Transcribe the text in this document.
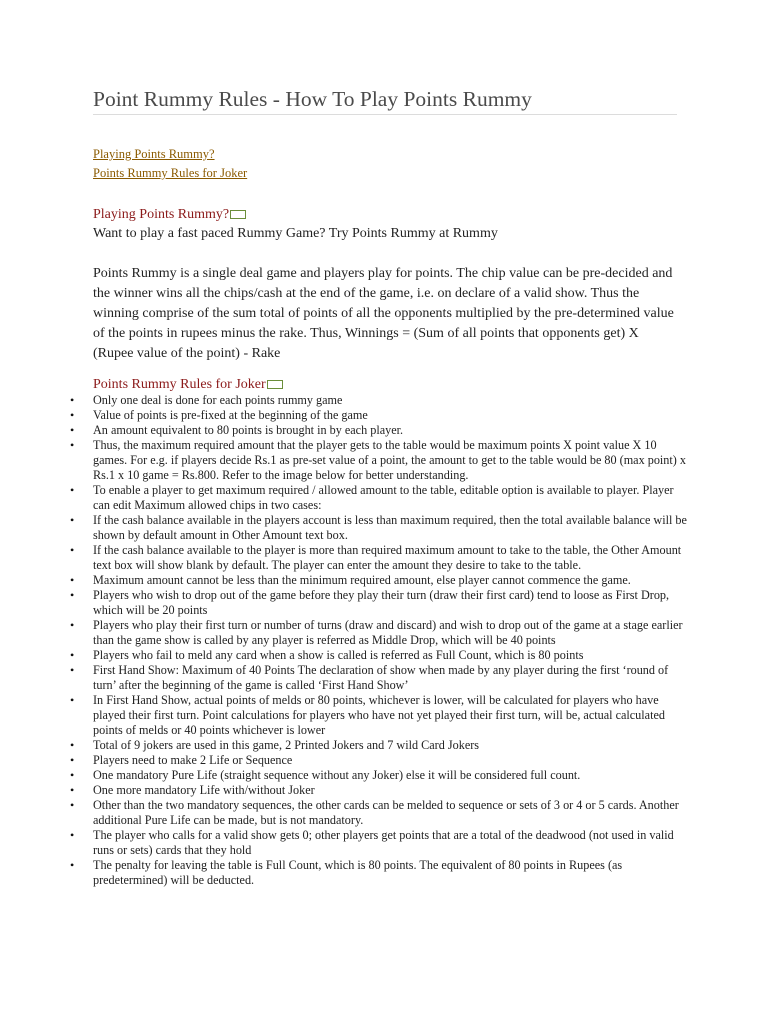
Point Rummy Rules - How To Play Points Rummy
Playing Points Rummy?
Points Rummy Rules for Joker
Playing Points Rummy?

Want to play a fast paced Rummy Game? Try Points Rummy at Rummy

Points Rummy is a single deal game and players play for points. The chip value can be pre-decided and the winner wins all the chips/cash at the end of the game, i.e. on declare of a valid show. Thus the winning comprise of the sum total of points of all the opponents multiplied by the pre-determined value of the points in rupees minus the rake. Thus, Winnings = (Sum of all points that opponents get) X (Rupee value of the point) - Rake

Points Rummy Rules for Joker
• Only one deal is done for each points rummy game
• Value of points is pre-fixed at the beginning of the game
• An amount equivalent to 80 points is brought in by each player.
• Thus, the maximum required amount that the player gets to the table would be maximum points X point value X 10 games. For e.g. if players decide Rs.1 as pre-set value of a point, the amount to get to the table would be 80 (max point) x Rs.1 x 10 game = Rs.800. Refer to the image below for better understanding.
• To enable a player to get maximum required / allowed amount to the table, editable option is available to player. Player can edit Maximum allowed chips in two cases:
• If the cash balance available in the players account is less than maximum required, then the total available balance will be shown by default amount in Other Amount text box.
• If the cash balance available to the player is more than required maximum amount to take to the table, the Other Amount text box will show blank by default. The player can enter the amount they desire to take to the table.
• Maximum amount cannot be less than the minimum required amount, else player cannot commence the game.
• Players who wish to drop out of the game before they play their turn (draw their first card) tend to loose as First Drop, which will be 20 points
• Players who play their first turn or number of turns (draw and discard) and wish to drop out of the game at a stage earlier than the game show is called by any player is referred as Middle Drop, which will be 40 points
• Players who fail to meld any card when a show is called is referred as Full Count, which is 80 points
• First Hand Show: Maximum of 40 Points The declaration of show when made by any player during the first ‘round of turn’ after the beginning of the game is called ‘First Hand Show’
• In First Hand Show, actual points of melds or 80 points, whichever is lower, will be calculated for players who have played their first turn. Point calculations for players who have not yet played their first turn, will be, actual calculated points of melds or 40 points whichever is lower
• Total of 9 jokers are used in this game, 2 Printed Jokers and 7 wild Card Jokers
• Players need to make 2 Life or Sequence
• One mandatory Pure Life (straight sequence without any Joker) else it will be considered full count.
• One more mandatory Life with/without Joker
• Other than the two mandatory sequences, the other cards can be melded to sequence or sets of 3 or 4 or 5 cards. Another additional Pure Life can be made, but is not mandatory.
• The player who calls for a valid show gets 0; other players get points that are a total of the deadwood (not used in valid runs or sets) cards that they hold
• The penalty for leaving the table is Full Count, which is 80 points. The equivalent of 80 points in Rupees (as predetermined) will be deducted.
